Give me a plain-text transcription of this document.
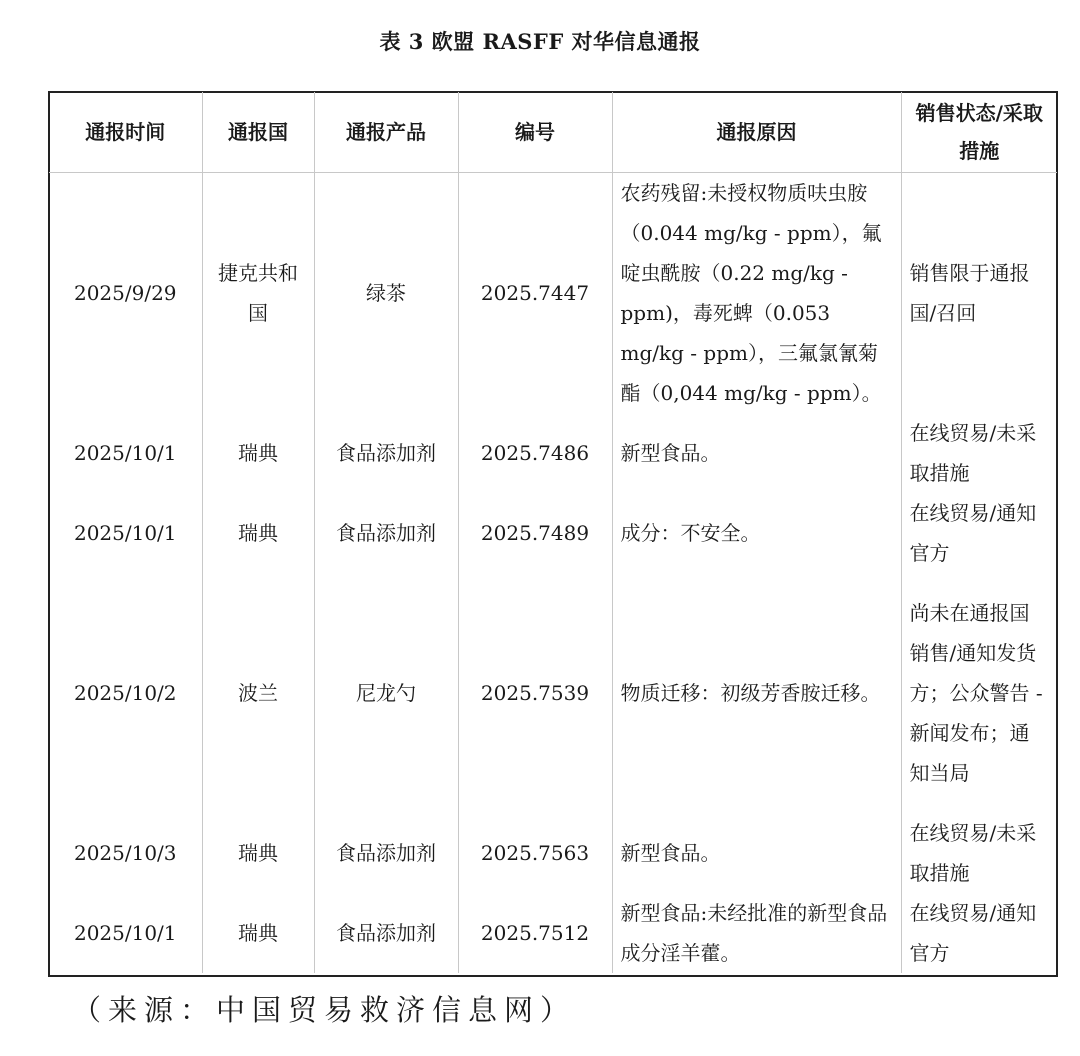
表 3 欧盟 RASFF 对华信息通报
通报时间	通报国	通报产品	编号	通报原因	销售状态/采取措施
2025/9/29	捷克共和国	绿茶	2025.7447	农药残留:未授权物质呋虫胺（0.044 mg/kg - ppm），氟啶虫酰胺（0.22 mg/kg - ppm)，毒死蜱（0.053 mg/kg - ppm），三氟氯氰菊酯（0,044 mg/kg - ppm）。	销售限于通报国/召回
2025/10/1	瑞典	食品添加剂	2025.7486	新型食品。	在线贸易/未采取措施
2025/10/1	瑞典	食品添加剂	2025.7489	成分：不安全。	在线贸易/通知官方
2025/10/2	波兰	尼龙勺	2025.7539	物质迁移：初级芳香胺迁移。	尚未在通报国销售/通知发货方；公众警告 - 新闻发布；通知当局
2025/10/3	瑞典	食品添加剂	2025.7563	新型食品。	在线贸易/未采取措施
2025/10/1	瑞典	食品添加剂	2025.7512	新型食品:未经批准的新型食品成分淫羊藿。	在线贸易/通知官方
（来源：中国贸易救济信息网）
